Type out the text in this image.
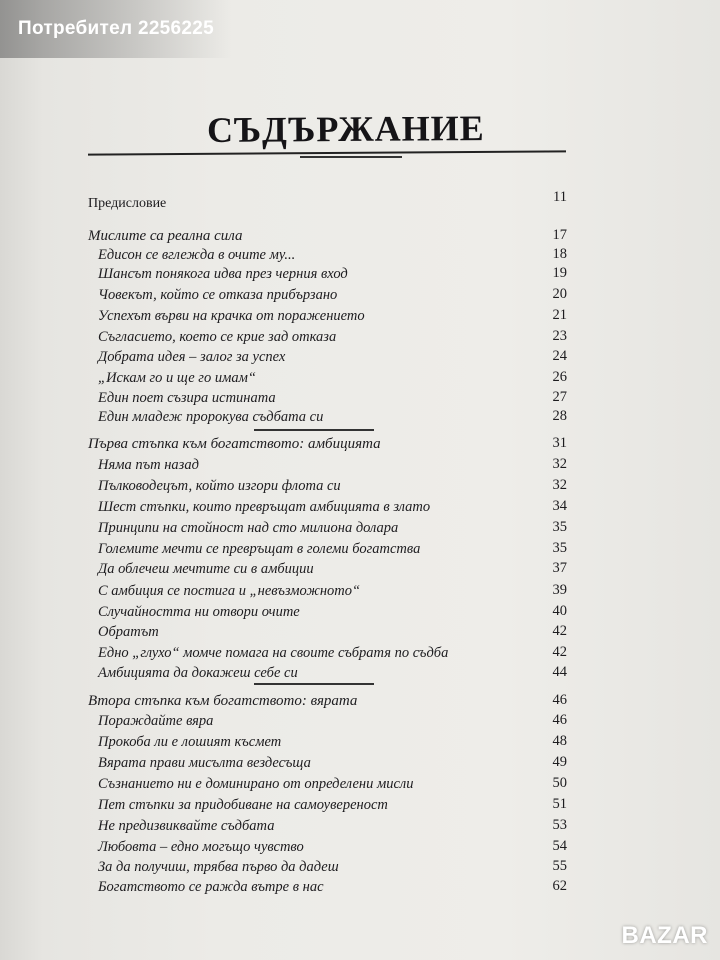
Потребител 2256225
СЪДЪРЖАНИЕ
Предисловие	11
Мислите са реална сила	17
Едисон се вглежда в очите му...	18
Шансът понякога идва през черния вход	19
Човекът, който се отказа прибързано	20
Успехът върви на крачка от поражението	21
Съгласието, което се крие зад отказа	23
Добрата идея – залог за успех	24
„Искам го и ще го имам“	26
Един поет съзира истината	27
Един младеж пророкува съдбата си	28
Първа стъпка към богатството: амбицията	31
Няма път назад	32
Пълководецът, който изгори флота си	32
Шест стъпки, които превръщат амбицията в злато	34
Принципи на стойност над сто милиона долара	35
Големите мечти се превръщат в големи богатства	35
Да облечеш мечтите си в амбиции	37
С амбиция се постига и „невъзможното“	39
Случайността ни отвори очите	40
Обратът	42
Едно „глухо“ момче помага на своите събратя по съдба	42
Амбицията да докажеш себе си	44
Втора стъпка към богатството: вярата	46
Пораждайте вяра	46
Прокоба ли е лошият късмет	48
Вярата прави мисълта вездесъща	49
Съзнанието ни е доминирано от определени мисли	50
Пет стъпки за придобиване на самоувереност	51
Не предизвиквайте съдбата	53
Любовта – едно могъщо чувство	54
За да получиш, трябва първо да дадеш	55
Богатството се ражда вътре в нас	62
BAZAR
